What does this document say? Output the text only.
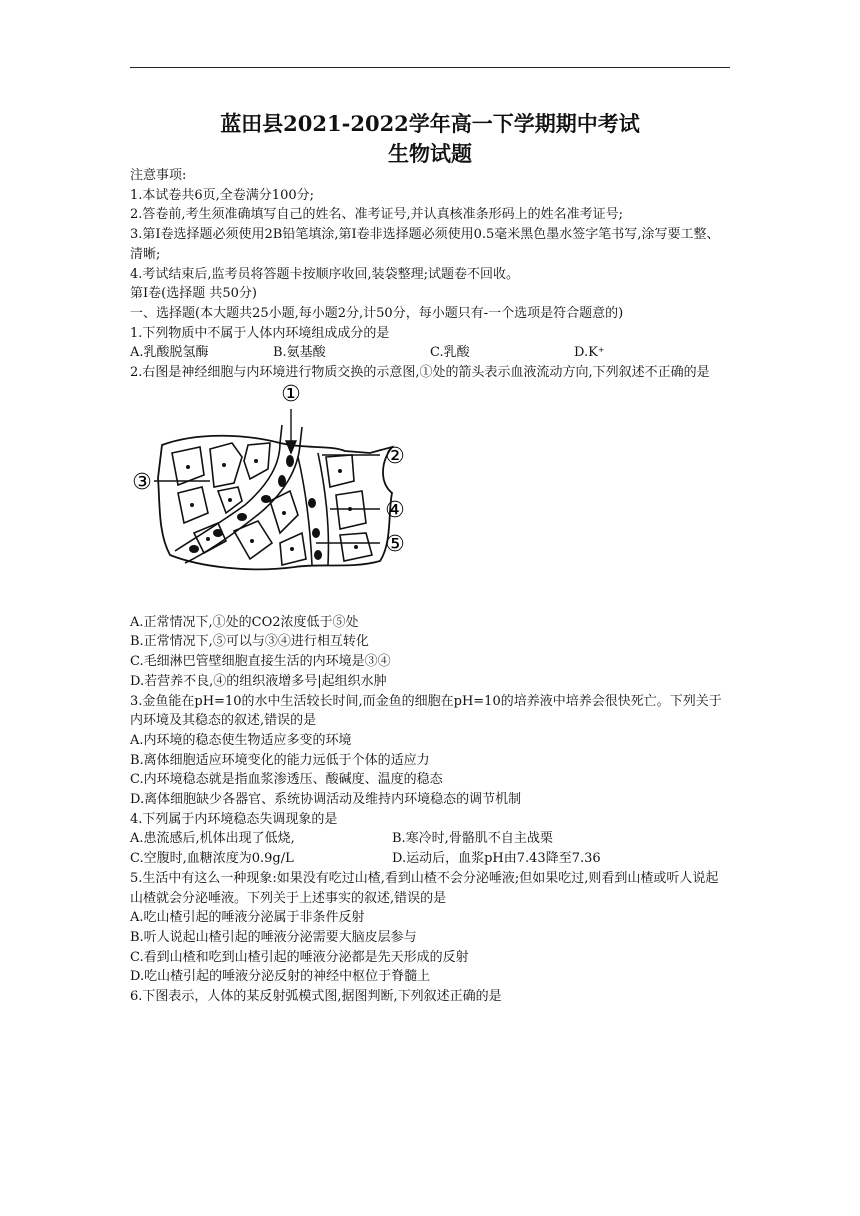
蓝田县2021-2022学年高一下学期期中考试
生物试题
注意事项:
1.本试卷共6页,全卷满分100分;
2.答卷前,考生须准确填写自己的姓名、准考证号,并认真核准条形码上的姓名准考证号;
3.第I卷选择题必须使用2B铅笔填涂,第I卷非选择题必须使用0.5毫米黑色墨水签字笔书写,涂写要工整、清晰;
4.考试结束后,监考员将答题卡按顺序收回,装袋整理;试题卷不回收。
第I卷(选择题 共50分)
一、选择题(本大题共25小题,每小题2分,计50分，每小题只有-一个选项是符合题意的)
1.下列物质中不属于人体内环境组成成分的是
A.乳酸脱氢酶	B.氨基酸	C.乳酸	D.K⁺
2.右图是神经细胞与内环境进行物质交换的示意图,①处的箭头表示血液流动方向,下列叙述不正确的是
①
②
③
④
⑤
A.正常情况下,①处的CO2浓度低于⑤处
B.正常情况下,⑤可以与③④进行相互转化
C.毛细淋巴管壁细胞直接生活的内环境是③④
D.若营养不良,④的组织液增多号|起组织水肿
3.金鱼能在pH=10的水中生活较长时间,而金鱼的细胞在pH=10的培养液中培养会很快死亡。下列关于内环境及其稳态的叙述,错误的是
A.内环境的稳态使生物适应多变的环境
B.离体细胞适应环境变化的能力远低于个体的适应力
C.内环境稳态就是指血浆渗透压、酸碱度、温度的稳态
D.离体细胞缺少各器官、系统协调活动及维持内环境稳态的调节机制
4.下列属于内环境稳态失调现象的是
A.患流感后,机体出现了低烧,	B.寒冷时,骨骼肌不自主战栗
C.空腹时,血糖浓度为0.9g/L	D.运动后，血浆pH由7.43降至7.36
5.生活中有这么一种现象:如果没有吃过山楂,看到山楂不会分泌唾液;但如果吃过,则看到山楂或听人说起山楂就会分泌唾液。下列关于上述事实的叙述,错误的是
A.吃山楂引起的唾液分泌属于非条件反射
B.听人说起山楂引起的唾液分泌需要大脑皮层参与
C.看到山楂和吃到山楂引起的唾液分泌都是先天形成的反射
D.吃山楂引起的唾液分泌反射的神经中枢位于脊髓上
6.下图表示，人体的某反射弧模式图,据图判断,下列叙述正确的是
